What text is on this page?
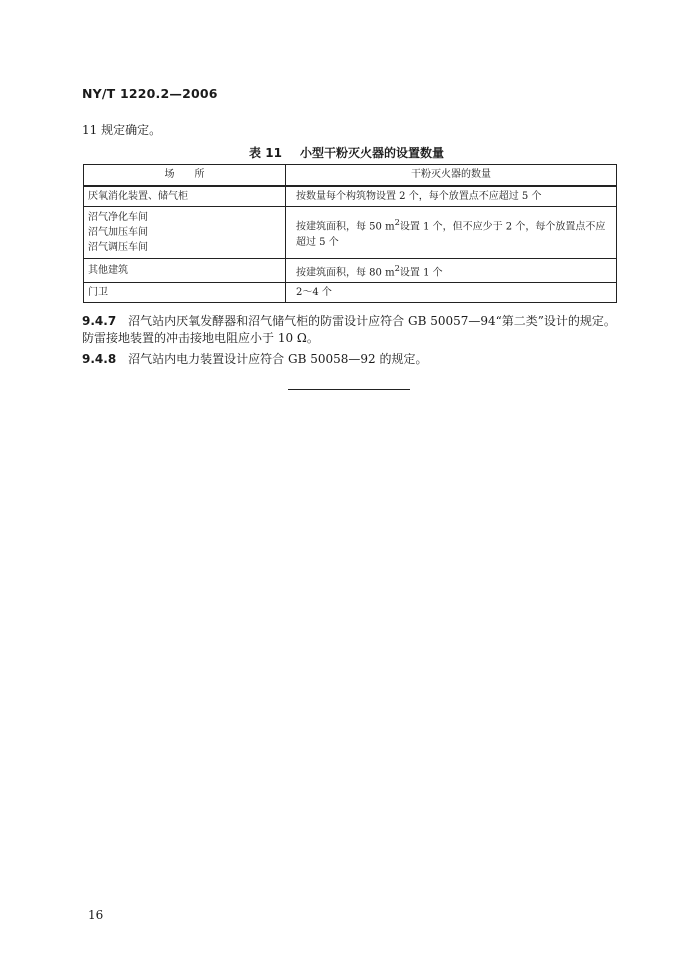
NY/T 1220.2—2006
11 规定确定。
表 11 小型干粉灭火器的设置数量
场　　所	干粉灭火器的数量
厌氧消化装置、储气柜	按数量每个构筑物设置 2 个，每个放置点不应超过 5 个

沼气净化车间
沼气加压车间
沼气调压车间	按建筑面积，每 50 $m^2$设置 1 个，但不应少于 2 个，每个放置点不应超过 5 个
其他建筑	按建筑面积，每 80 $m^2$设置 1 个
门卫	2～4 个
9.4.7 沼气站内厌氧发酵器和沼气储气柜的防雷设计应符合 GB 50057—94“第二类”设计的规定。
防雷接地装置的冲击接地电阻应小于 10 Ω。
9.4.8 沼气站内电力装置设计应符合 GB 50058—92 的规定。
16
